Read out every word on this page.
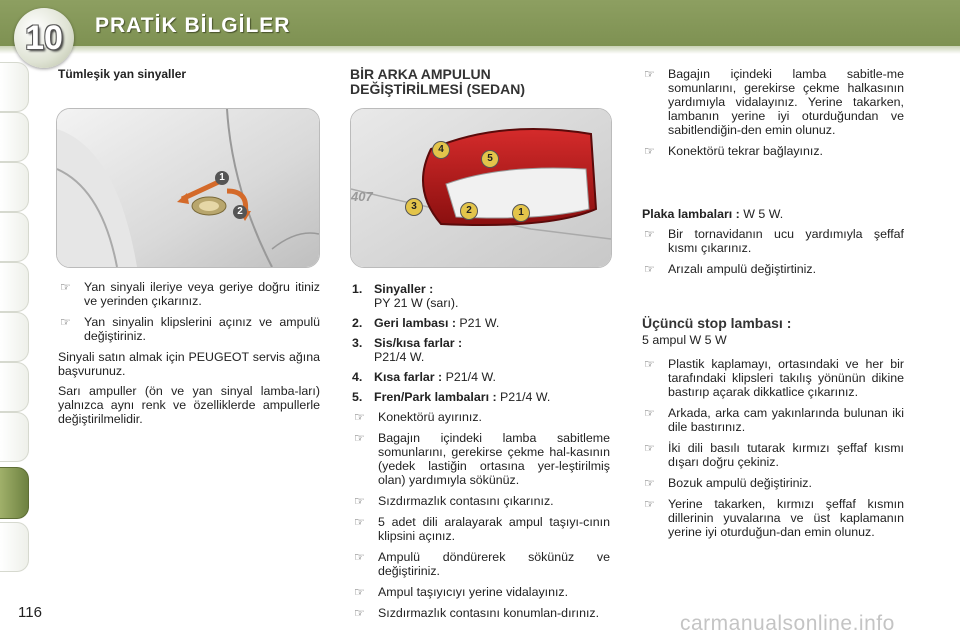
10	PRATİK BİLGİLER
Tümleşik yan sinyaller
1
2
☞ Yan sinyali ileriye veya geriye doğru itiniz ve yerinden çıkarınız.
☞ Yan sinyalin klipslerini açınız ve ampulü değiştiriniz.

Sinyali satın almak için PEUGEOT servis ağına başvurunuz.

Sarı ampuller (ön ve yan sinyal lamba-ları) yalnızca aynı renk ve özelliklerde ampullerle değiştirilmelidir.

BİR ARKA AMPULUN
DEĞİŞTİRİLMESİ (SEDAN)
407
1
2
3
4
5
1. Sinyaller :
PY 21 W (sarı).
2. Geri lambası : P21 W.
3. Sis/kısa farlar :
P21/4 W.
4. Kısa farlar : P21/4 W.
5. Fren/Park lambaları : P21/4 W.
☞ Konektörü ayırınız.
☞ Bagajın içindeki lamba sabitleme somunlarını, gerekirse çekme hal-kasının (yedek lastiğin ortasına yer-leştirilmiş olan) yardımıyla sökünüz.
☞ Sızdırmazlık contasını çıkarınız.
☞ 5 adet dili aralayarak ampul taşıyı-cının klipsini açınız.
☞ Ampulü döndürerek sökünüz ve değiştiriniz.
☞ Ampul taşıyıcıyı yerine vidalayınız.
☞ Sızdırmazlık contasını konumlan-dırınız.
☞ Bagajın içindeki lamba sabitle-me somunlarını, gerekirse çekme halkasının yardımıyla vidalayınız. Yerine takarken, lambanın yerine iyi oturduğundan ve sabitlendiğin-den emin olunuz.
☞ Konektörü tekrar bağlayınız.

Plaka lambaları : W 5 W.

☞ Bir tornavidanın ucu yardımıyla şeffaf kısmı çıkarınız.
☞ Arızalı ampulü değiştirtiniz.
Üçüncü stop lambası :

5 ampul W 5 W

☞ Plastik kaplamayı, ortasındaki ve her bir tarafındaki klipsleri takılış yönünün dikine bastırıp açarak dikkatlice çıkarınız.
☞ Arkada, arka cam yakınlarında bulunan iki dile bastırınız.
☞ İki dili basılı tutarak kırmızı şeffaf kısmı dışarı doğru çekiniz.
☞ Bozuk ampulü değiştiriniz.
☞ Yerine takarken, kırmızı şeffaf kısmın dillerinin yuvalarına ve üst kaplamanın yerine iyi oturduğun-dan emin olunuz.
116	carmanualsonline.info
